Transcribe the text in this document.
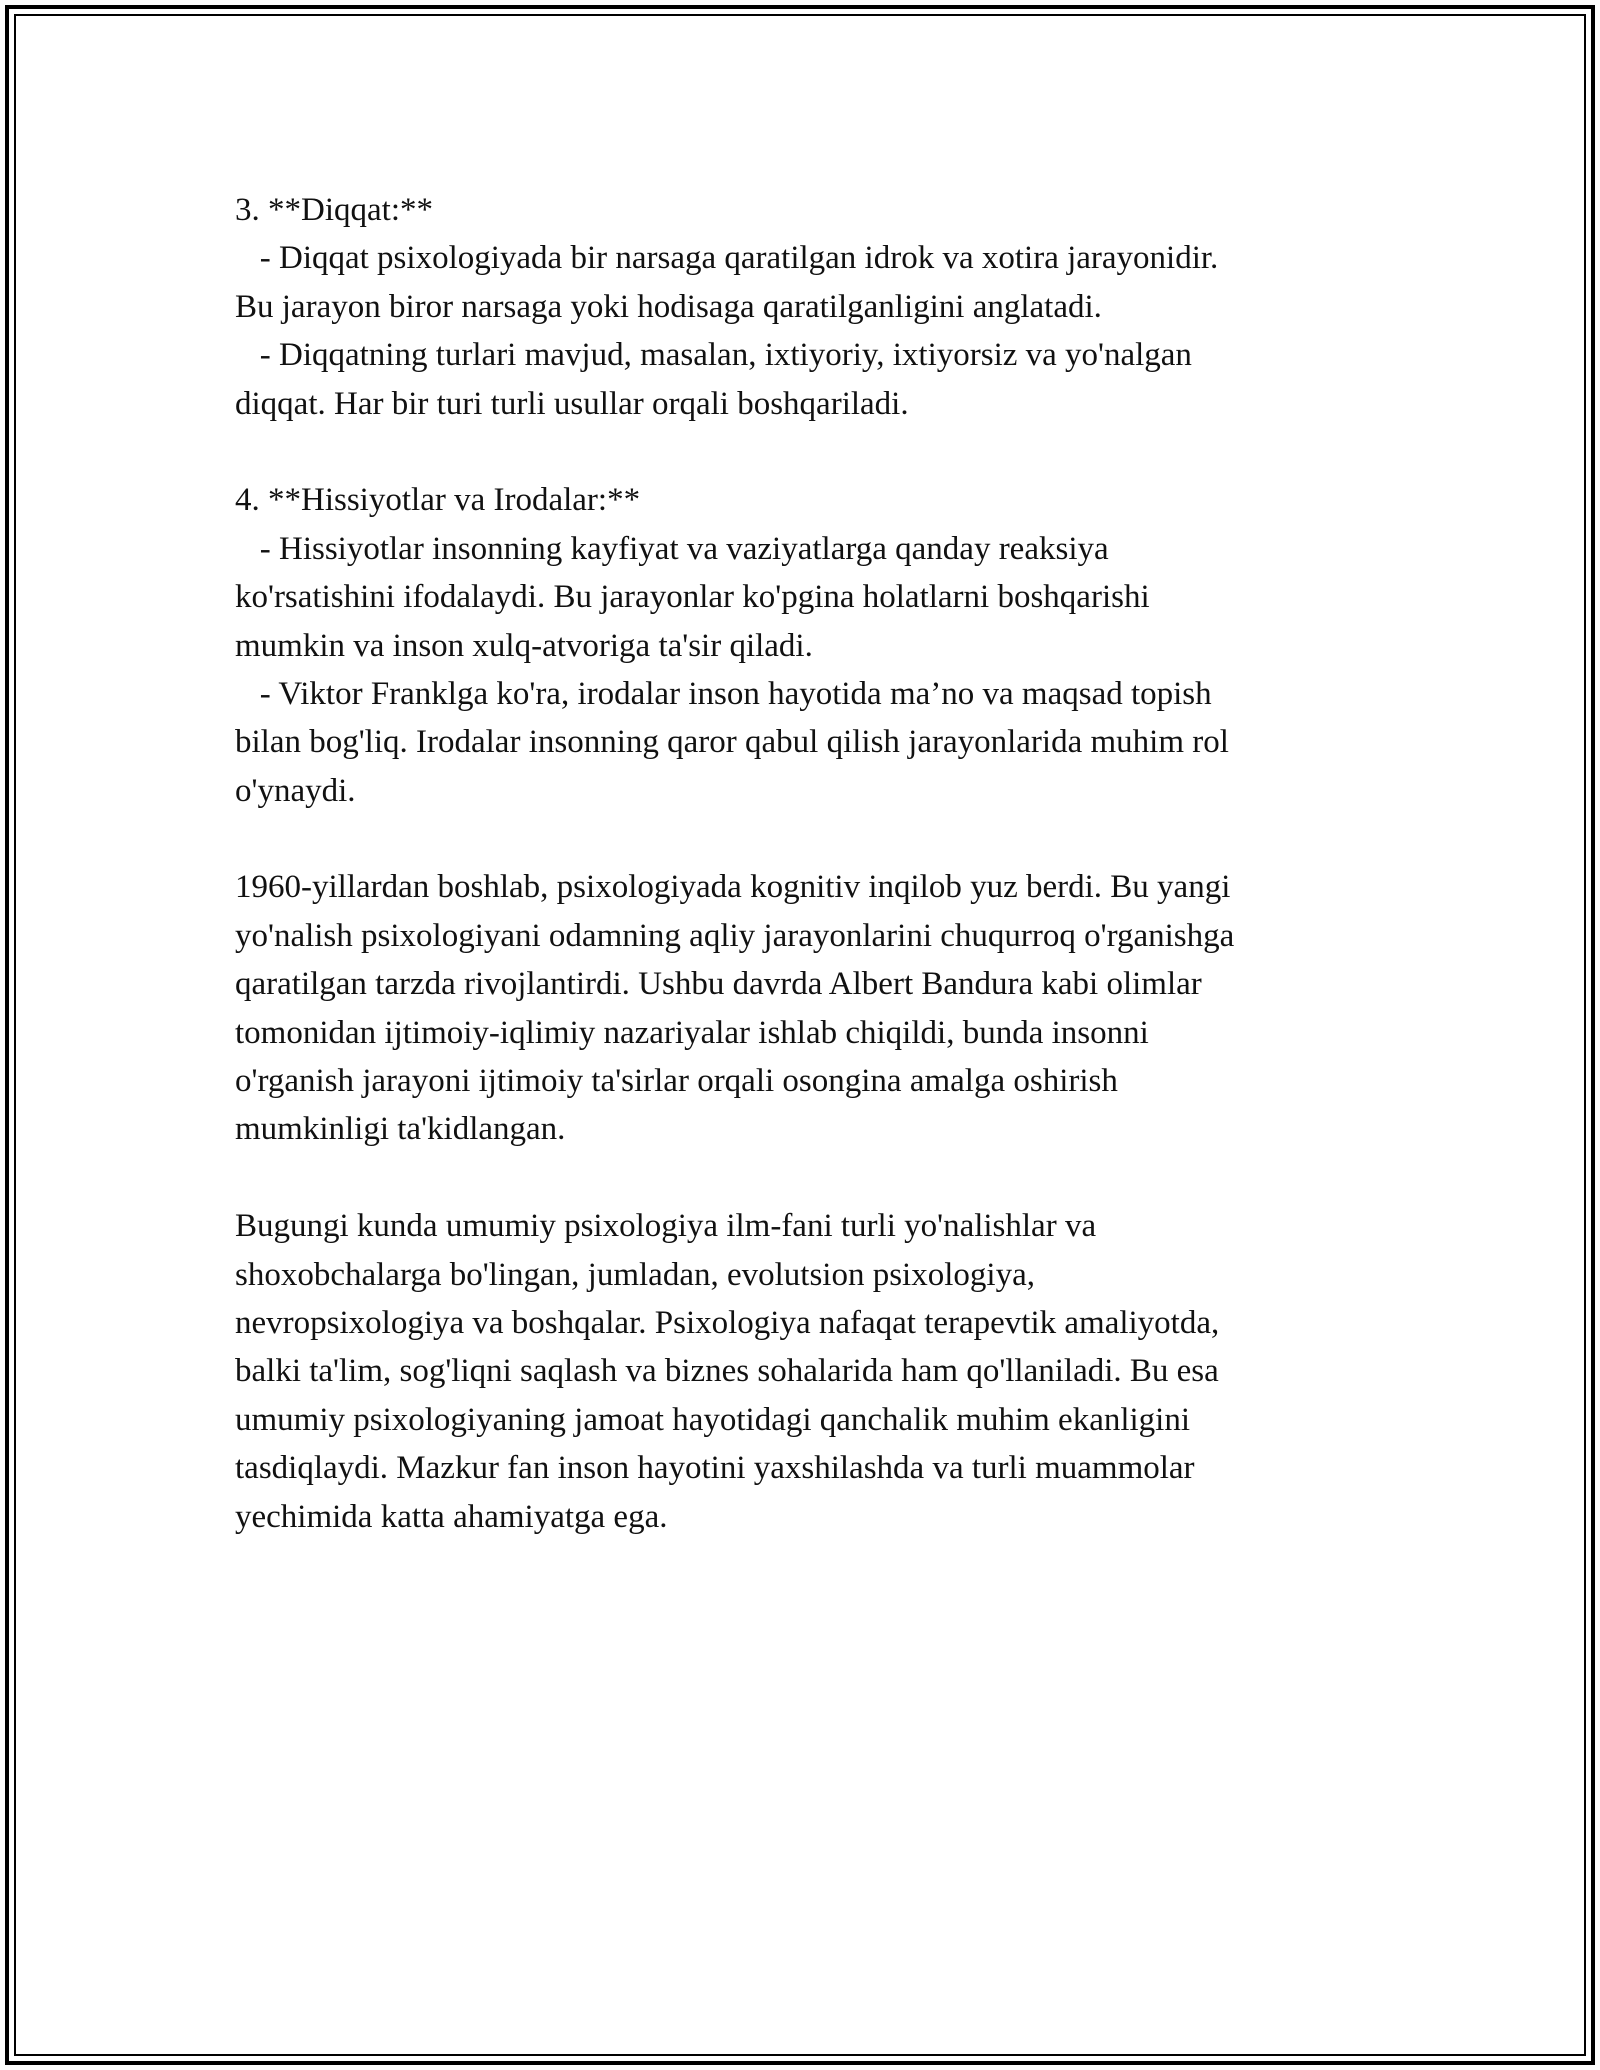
3. **Diqqat:**
- Diqqat psixologiyada bir narsaga qaratilgan idrok va xotira jarayonidir.
Bu jarayon biror narsaga yoki hodisaga qaratilganligini anglatadi.
- Diqqatning turlari mavjud, masalan, ixtiyoriy, ixtiyorsiz va yo'nalgan
diqqat. Har bir turi turli usullar orqali boshqariladi.
4. **Hissiyotlar va Irodalar:**
- Hissiyotlar insonning kayfiyat va vaziyatlarga qanday reaksiya
ko'rsatishini ifodalaydi. Bu jarayonlar ko'pgina holatlarni boshqarishi
mumkin va inson xulq-atvoriga ta'sir qiladi.
- Viktor Franklga ko'ra, irodalar inson hayotida ma’no va maqsad topish
bilan bog'liq. Irodalar insonning qaror qabul qilish jarayonlarida muhim rol
o'ynaydi.
1960-yillardan boshlab, psixologiyada kognitiv inqilob yuz berdi. Bu yangi
yo'nalish psixologiyani odamning aqliy jarayonlarini chuqurroq o'rganishga
qaratilgan tarzda rivojlantirdi. Ushbu davrda Albert Bandura kabi olimlar
tomonidan ijtimoiy-iqlimiy nazariyalar ishlab chiqildi, bunda insonni
o'rganish jarayoni ijtimoiy ta'sirlar orqali osongina amalga oshirish
mumkinligi ta'kidlangan.
Bugungi kunda umumiy psixologiya ilm-fani turli yo'nalishlar va
shoxobchalarga bo'lingan, jumladan, evolutsion psixologiya,
nevropsixologiya va boshqalar. Psixologiya nafaqat terapevtik amaliyotda,
balki ta'lim, sog'liqni saqlash va biznes sohalarida ham qo'llaniladi. Bu esa
umumiy psixologiyaning jamoat hayotidagi qanchalik muhim ekanligini
tasdiqlaydi. Mazkur fan inson hayotini yaxshilashda va turli muammolar
yechimida katta ahamiyatga ega.
